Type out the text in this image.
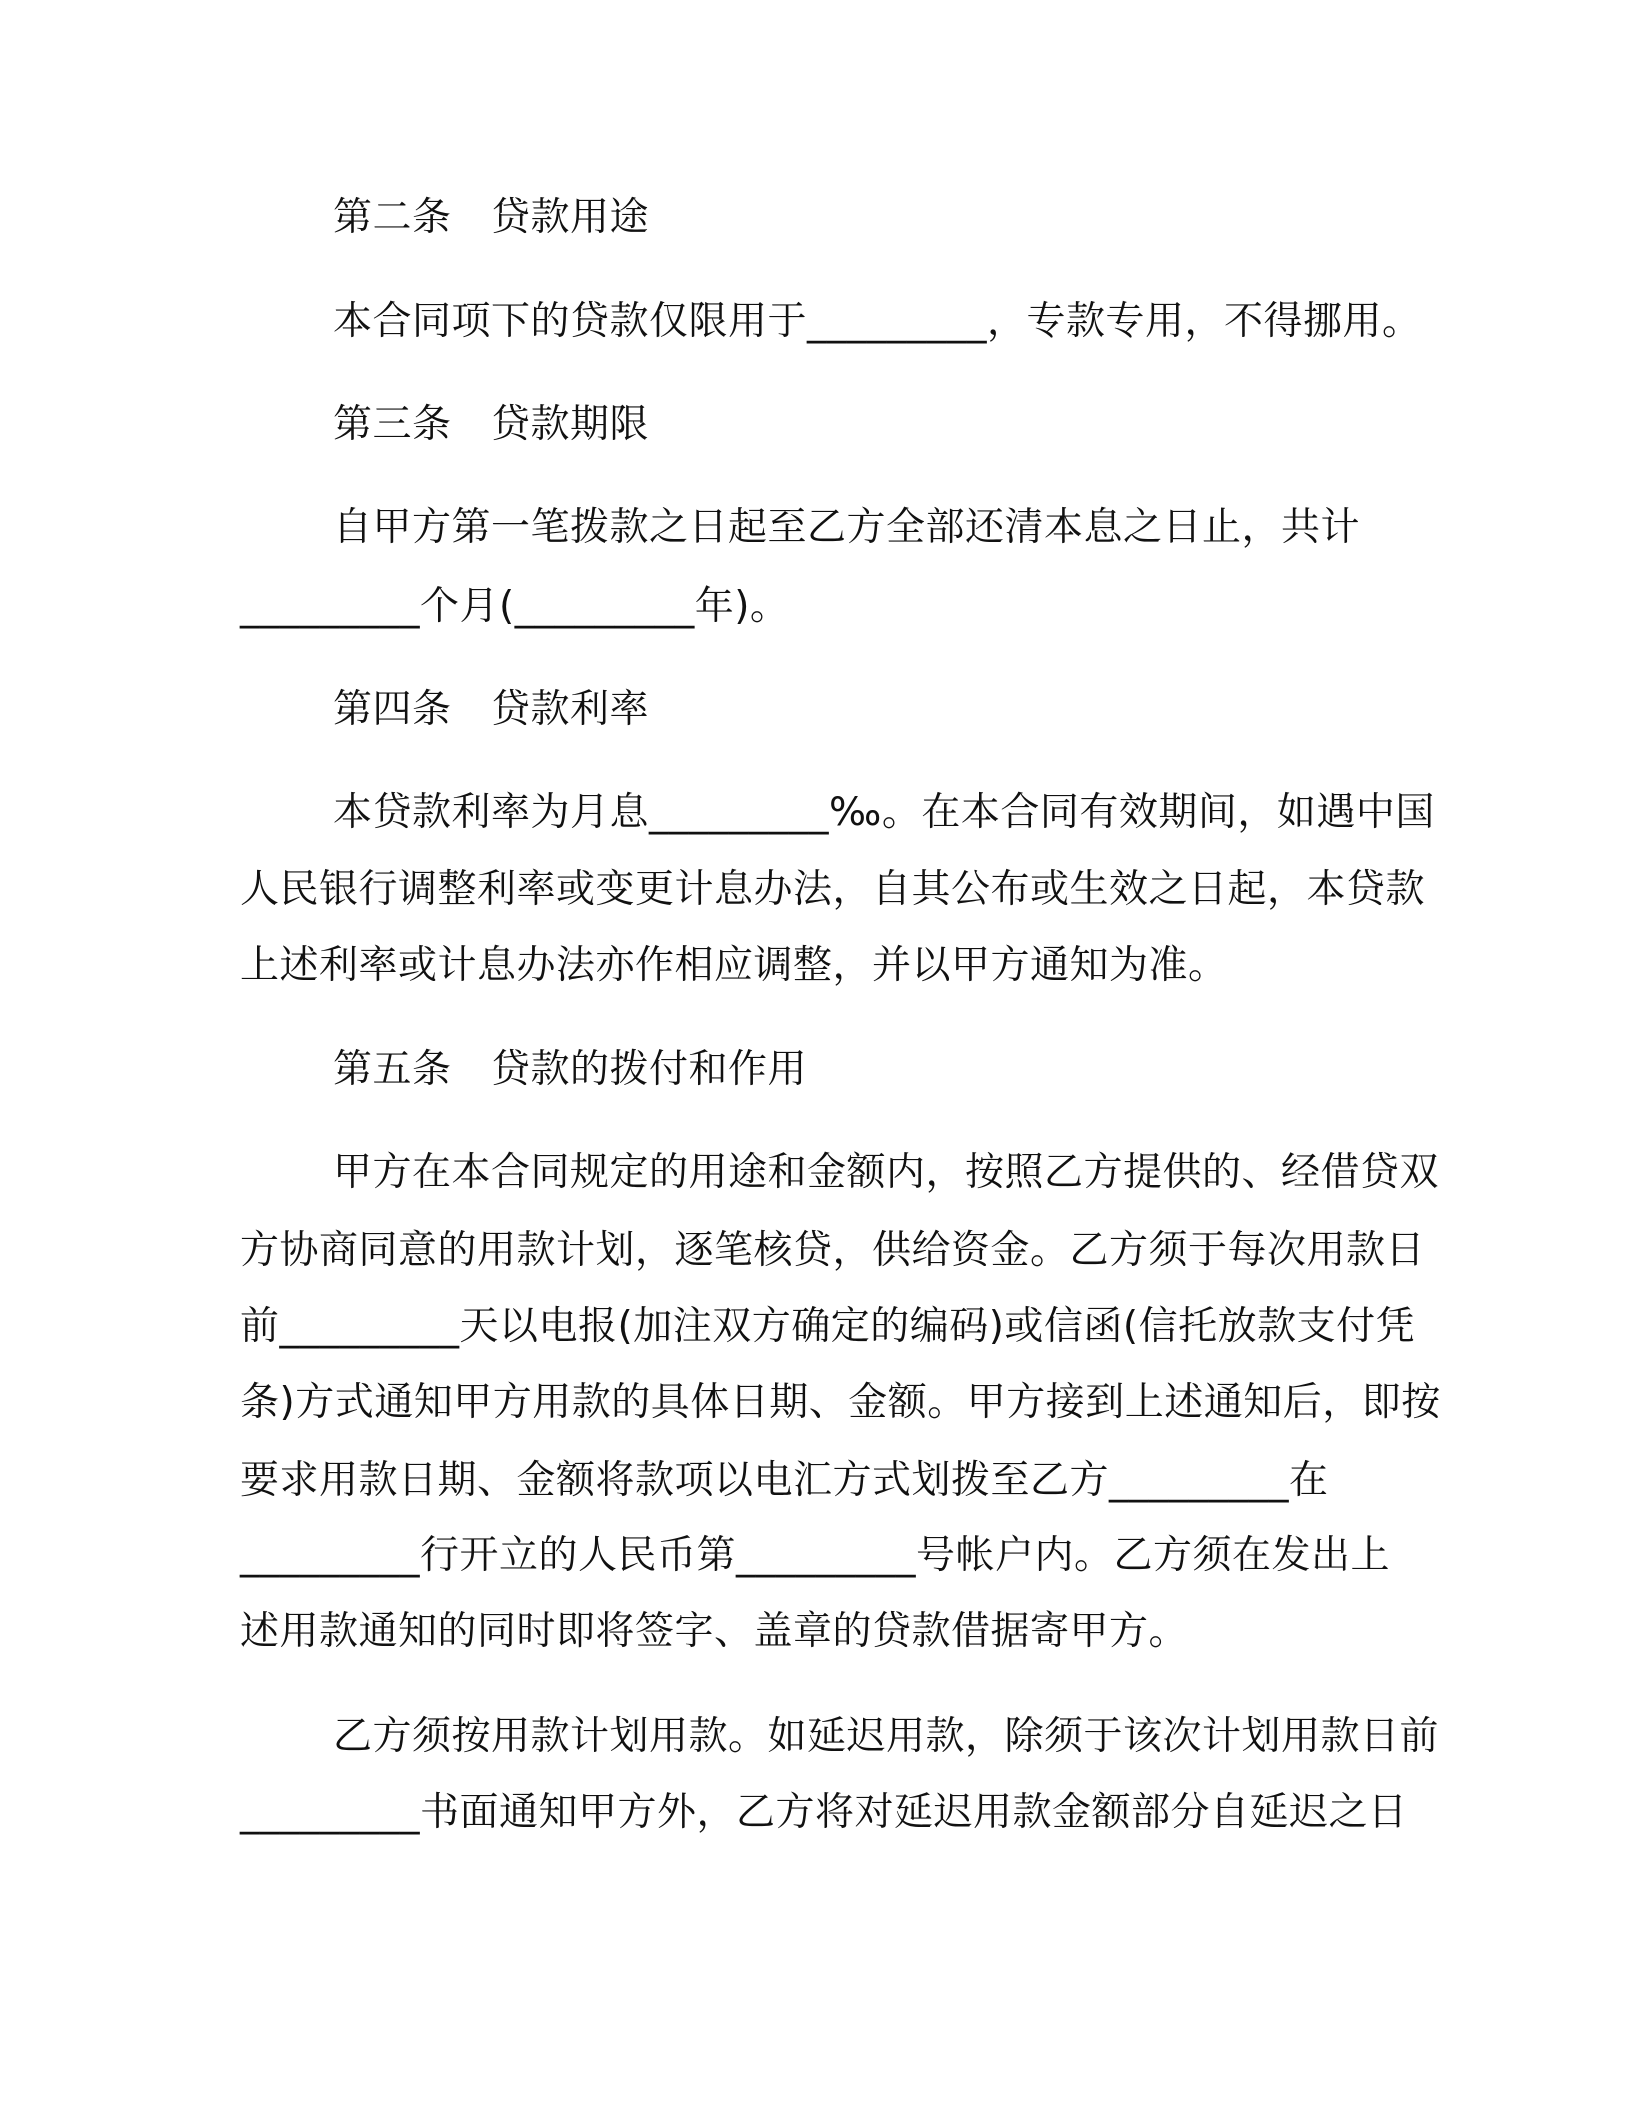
第二条　贷款用途
本合同项下的贷款仅限用于_________，专款专用，不得挪用。
第三条　贷款期限
自甲方第一笔拨款之日起至乙方全部还清本息之日止，共计
_________个月(_________年)。
第四条　贷款利率
本贷款利率为月息_________‰。在本合同有效期间，如遇中国
人民银行调整利率或变更计息办法，自其公布或生效之日起，本贷款
上述利率或计息办法亦作相应调整，并以甲方通知为准。
第五条　贷款的拨付和作用
甲方在本合同规定的用途和金额内，按照乙方提供的、经借贷双
方协商同意的用款计划，逐笔核贷，供给资金。乙方须于每次用款日
前_________天以电报(加注双方确定的编码)或信函(信托放款支付凭
条)方式通知甲方用款的具体日期、金额。甲方接到上述通知后，即按
要求用款日期、金额将款项以电汇方式划拨至乙方_________在
_________行开立的人民币第_________号帐户内。乙方须在发出上
述用款通知的同时即将签字、盖章的贷款借据寄甲方。
乙方须按用款计划用款。如延迟用款，除须于该次计划用款日前
_________书面通知甲方外，乙方将对延迟用款金额部分自延迟之日
